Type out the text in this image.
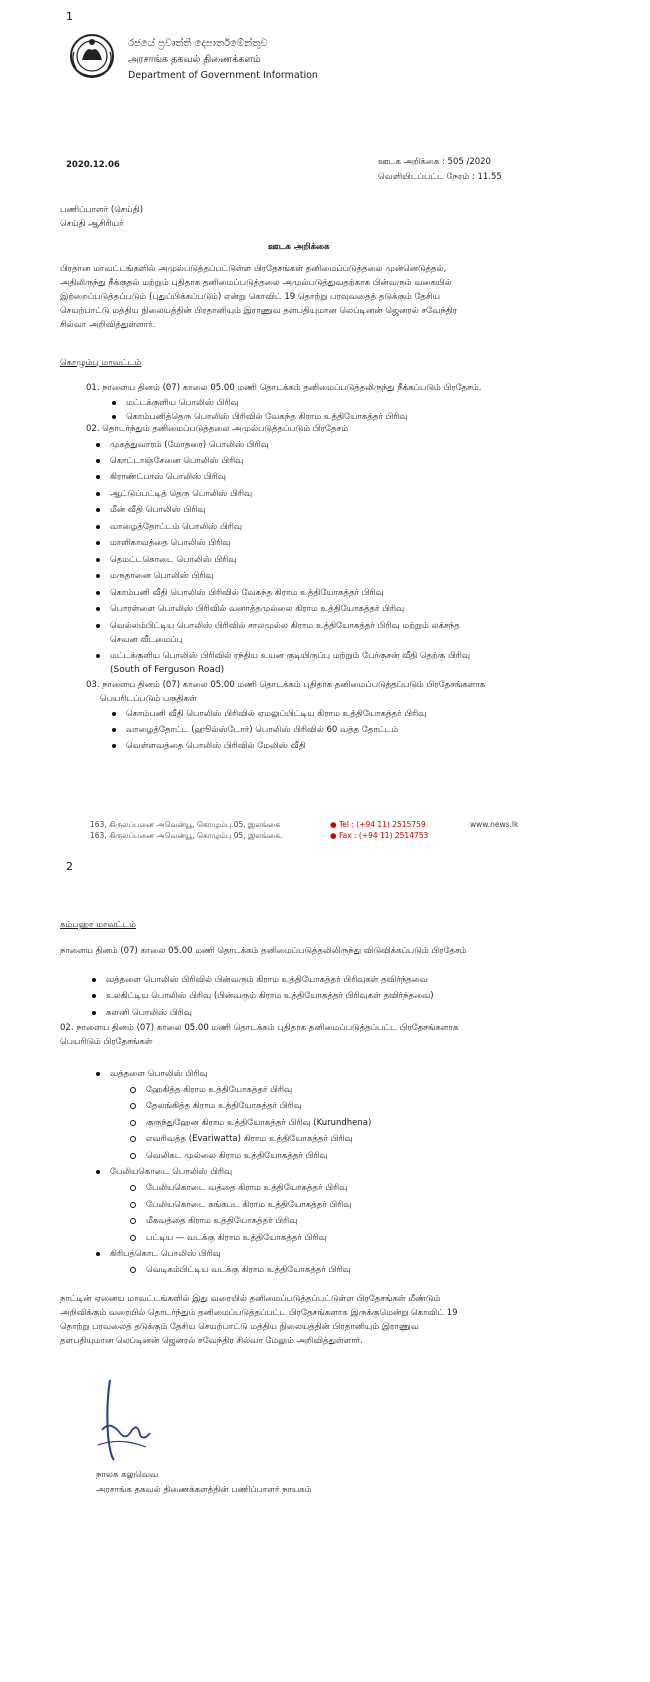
1
රජයේ ප්‍රවෘත්ති දෙපාර්තමේන්තුව
அரசாங்க தகவல் திணைக்களம்
Department of Government Information
2020.12.06	ஊடக அறிக்கை : 505 /2020
வெளியிடப்பட்ட நேரம் : 11.55
பணிப்பாளர் (செய்தி)
செய்தி ஆசிரியர்
ஊடக அறிக்கை
பிரதான மாவட்டங்களில் அமுல்படுத்தப்பட்டுள்ள பிரதேசங்கள் தனிமைப்படுத்தலை முன்னெடுத்தல்,
அதிலிருந்து நீக்குதல் மற்றும் புதிதாக தனிமைப்படுத்தலை அமுல்படுத்துவதற்காக பின்வரும் வகையில்
இற்றைப்படுத்தப்படும் (புதுப்பிக்கப்படும்) என்று கொவிட் 19 தொற்று பரவுவதைத் தடுக்கும் தேசிய
செயற்பாட்டு மத்திய நிலையத்தின் பிரதானியும் இராணுவ தளபதியுமான லெப்டினன் ஜெனரல் சவேந்திர
சில்வா அறிவித்துள்ளார்.
கொழும்பு மாவட்டம்
01. நாளைய தினம் (07) காலை 05.00 மணி தொடக்கம் தனிமைப்படுத்தலிருந்து நீக்கப்படும் பிரதேசம்.
மட்டக்குளிய பொலிஸ் பிரிவு
கொம்பனித்தெரு பொலிஸ் பிரிவில் வேகந்த கிராம உத்தியோகத்தர் பிரிவு
02. தொடர்ந்தும் தனிமைப்படுத்தலை அமுல்படுத்தப்படும் பிரதேசம்
முகத்துவாரம் (மோதரை) பொலிஸ் பிரிவு
கொட்டாஞ்சேனை பொலிஸ் பிரிவு
கிராண்ட்பாஸ் பொலிஸ் பிரிவு
ஆட்டுப்பட்டித் தெரு பொலிஸ் பிரிவு
மீன் வீதி பொலிஸ் பிரிவு
வாழைத்தோட்டம் பொலிஸ் பிரிவு
மாளிகாவத்தை பொலிஸ் பிரிவு
தெமட்டகொடை பொலிஸ் பிரிவு
மருதானை பொலிஸ் பிரிவு
கொம்பனி வீதி பொலிஸ் பிரிவில் வேகந்த கிராம உத்தியோகத்தர் பிரிவு
பொரள்ளை பொலிஸ் பிரிவில் வனாத்தமுல்லை கிராம உத்தியோகத்தர் பிரிவு
வெல்லம்பிட்டிய பொலிஸ் பிரிவில் சாலமுல்ல கிராம உத்தியோகத்தர் பிரிவு மற்றும் லக்சந்த
செவன வீடமைப்பு
மட்டக்குளிய பொலிஸ் பிரிவில் ரந்திய உயன குடியிருப்பு மற்றும் பேர்குசன் வீதி தெற்கு பிரிவு
(South of Ferguson Road)
03. நாளைய தினம் (07) காலை 05.00 மணி தொடக்கம் புதிதாக தனிமைப்படுத்தப்படும் பிரதேசங்களாக
பெயரிடப்படும் பகுதிகள்
கொம்பனி வீதி பொலிஸ் பிரிவில் ஏமலுப்பிட்டிய கிராம உத்தியோகத்தர் பிரிவு
வாழைத்தோட்ட (ஹூல்ஸ்டோர்) பொலிஸ் பிரிவில் 60 வத்த தோட்டம்
வெள்ளவத்தை பொலிஸ் பிரிவில் மேலிஸ் வீதி
163, கிருலப்பனை அவென்யூ, கொழும்பு 05, இலங்கை
163, கிருலப்பனை அவென்யூ, கொழும்பு 05, இலங்கை.
● Tel : (+94 11) 2515759
● Fax : (+94 11) 2514753
www.news.lk
2
கம்பஹா மாவட்டம்
நாளைய தினம் (07) காலை 05.00 மணி தொடக்கம் தனிமைப்படுத்தலிலிருந்து விடுவிக்கப்படும் பிரதேசம்
வத்தளை பொலிஸ் பிரிவில் பின்வரும் கிராம உத்தியோகத்தர் பிரிவுகள் தவிர்ந்தவை
உலகிட்டிய பொலிஸ் பிரிவு (பின்வரும் கிராம உத்தியோகத்தர் பிரிவுகள் தவிர்ந்தவை)
களனி பொலிஸ் பிரிவு
02. நாளைய தினம் (07) காலை 05.00 மணி தொடக்கம் புதிதாக தனிமைப்படுத்தப்பட்ட பிரதேசங்களாக
பெயரிடும் பிரதேசங்கள்
வத்தளை பொலிஸ் பிரிவு
ஹேகித்த கிராம உத்தியோகத்தர் பிரிவு
தேலங்கித்த கிராம உத்தியோகத்தர் பிரிவு
குருந்துஹேன கிராம உத்தியோகத்தர் பிரிவு (Kurundhena)
எவரிவத்த (Evariwatta) கிராம உத்தியோகத்தர் பிரிவு
வெலிகட முல்லை கிராம உத்தியோகத்தர் பிரிவு
பேலியகொடை பொலிஸ் பிரிவு
பேலியகொடை வத்தை கிராம உத்தியோகத்தர் பிரிவு
பேலியகொடை கங்கபட கிராம உத்தியோகத்தர் பிரிவு
மீகவத்தை கிராம உத்தியோகத்தர் பிரிவு
பட்டிய — வடக்கு கிராம உத்தியோகத்தர் பிரிவு
கிரிபத்கொட பொலிஸ் பிரிவு
வெடிகம்பிட்டிய வடக்கு கிராம உத்தியோகத்தர் பிரிவு
நாட்டின் ஏனைய மாவட்டங்களில் இது வரையில் தனிமைப்படுத்தப்பட்டுள்ள பிரதேசங்கள் மீண்டும்
அறிவிக்கும் வரையில் தொடர்ந்தும் தனிமைப்படுத்தப்பட்ட பிரதேசங்களாக இருக்குமென்று கொவிட் 19
தொற்று பரவலைத் தடுக்கும் தேசிய செயற்பாட்டு மத்திய நிலையத்தின் பிரதானியும் இராணுவ
தளபதியுமான லெப்டினன் ஜெனரல் சவேந்திர சில்வா மேலும் அறிவித்துள்ளார்.
நாலக கலுவெவ
அரசாங்க தகவல் திணைக்களத்தின் பணிப்பாளர் நாயகம்
